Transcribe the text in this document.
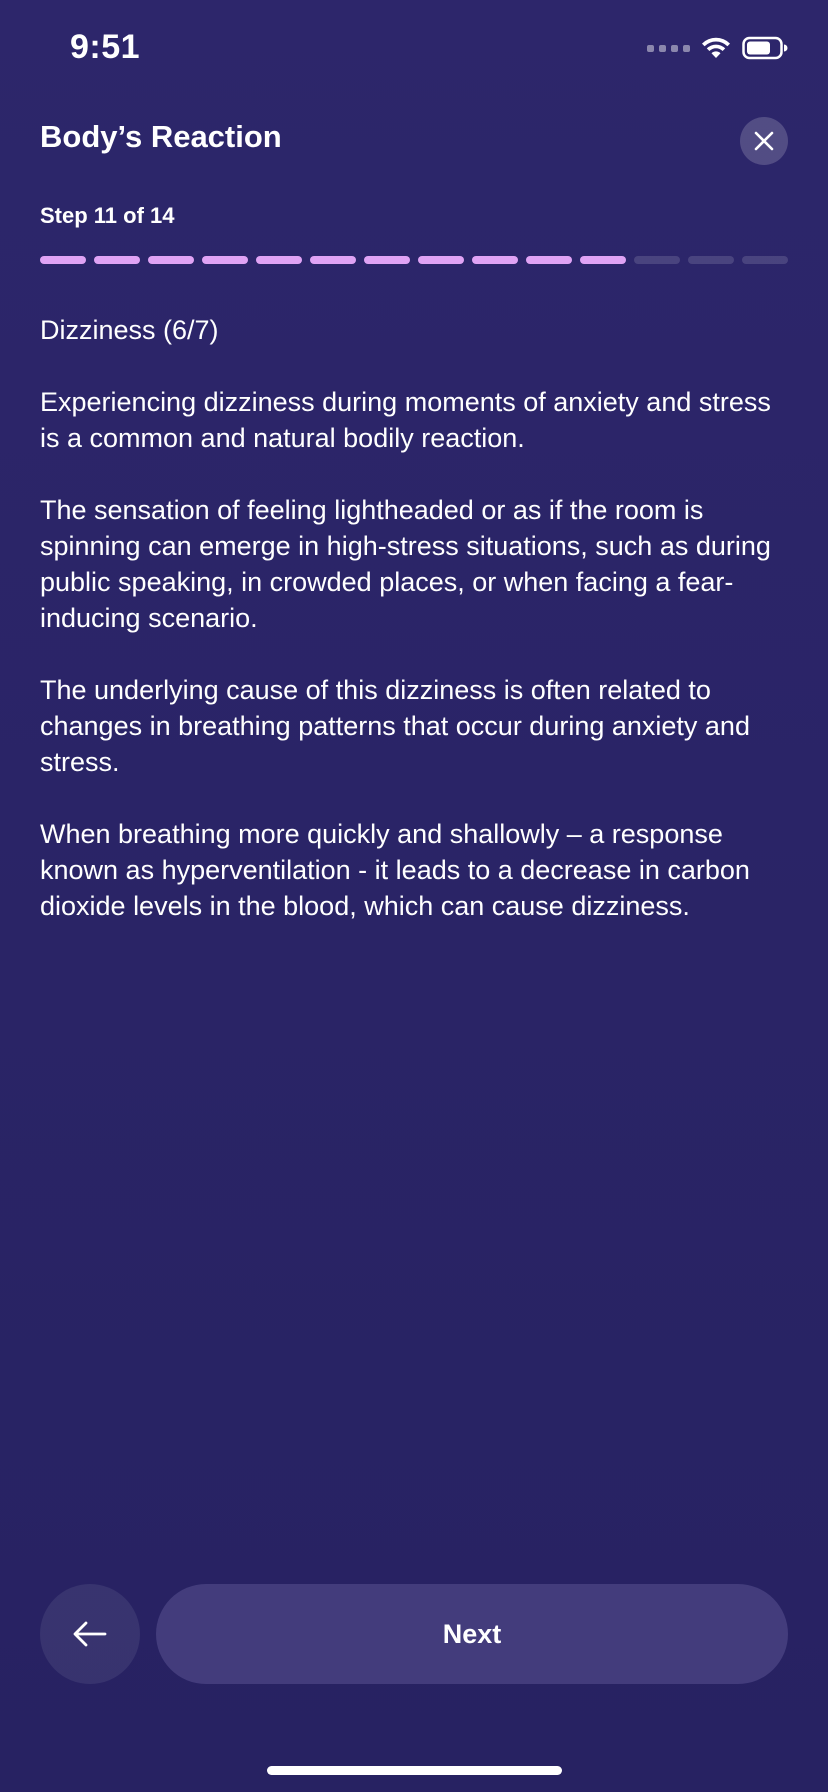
9:51
Body’s Reaction
Step 11 of 14

Dizziness (6/7)

Experiencing dizziness during moments of anxiety and stress is a common and natural bodily reaction.

The sensation of feeling lightheaded or as if the room is spinning can emerge in high-stress situations, such as during public speaking, in crowded places, or when facing a fear-inducing scenario.

The underlying cause of this dizziness is often related to changes in breathing patterns that occur during anxiety and stress.

When breathing more quickly and shallowly – a response known as hyperventilation - it leads to a decrease in carbon dioxide levels in the blood, which can cause dizziness.

Next
